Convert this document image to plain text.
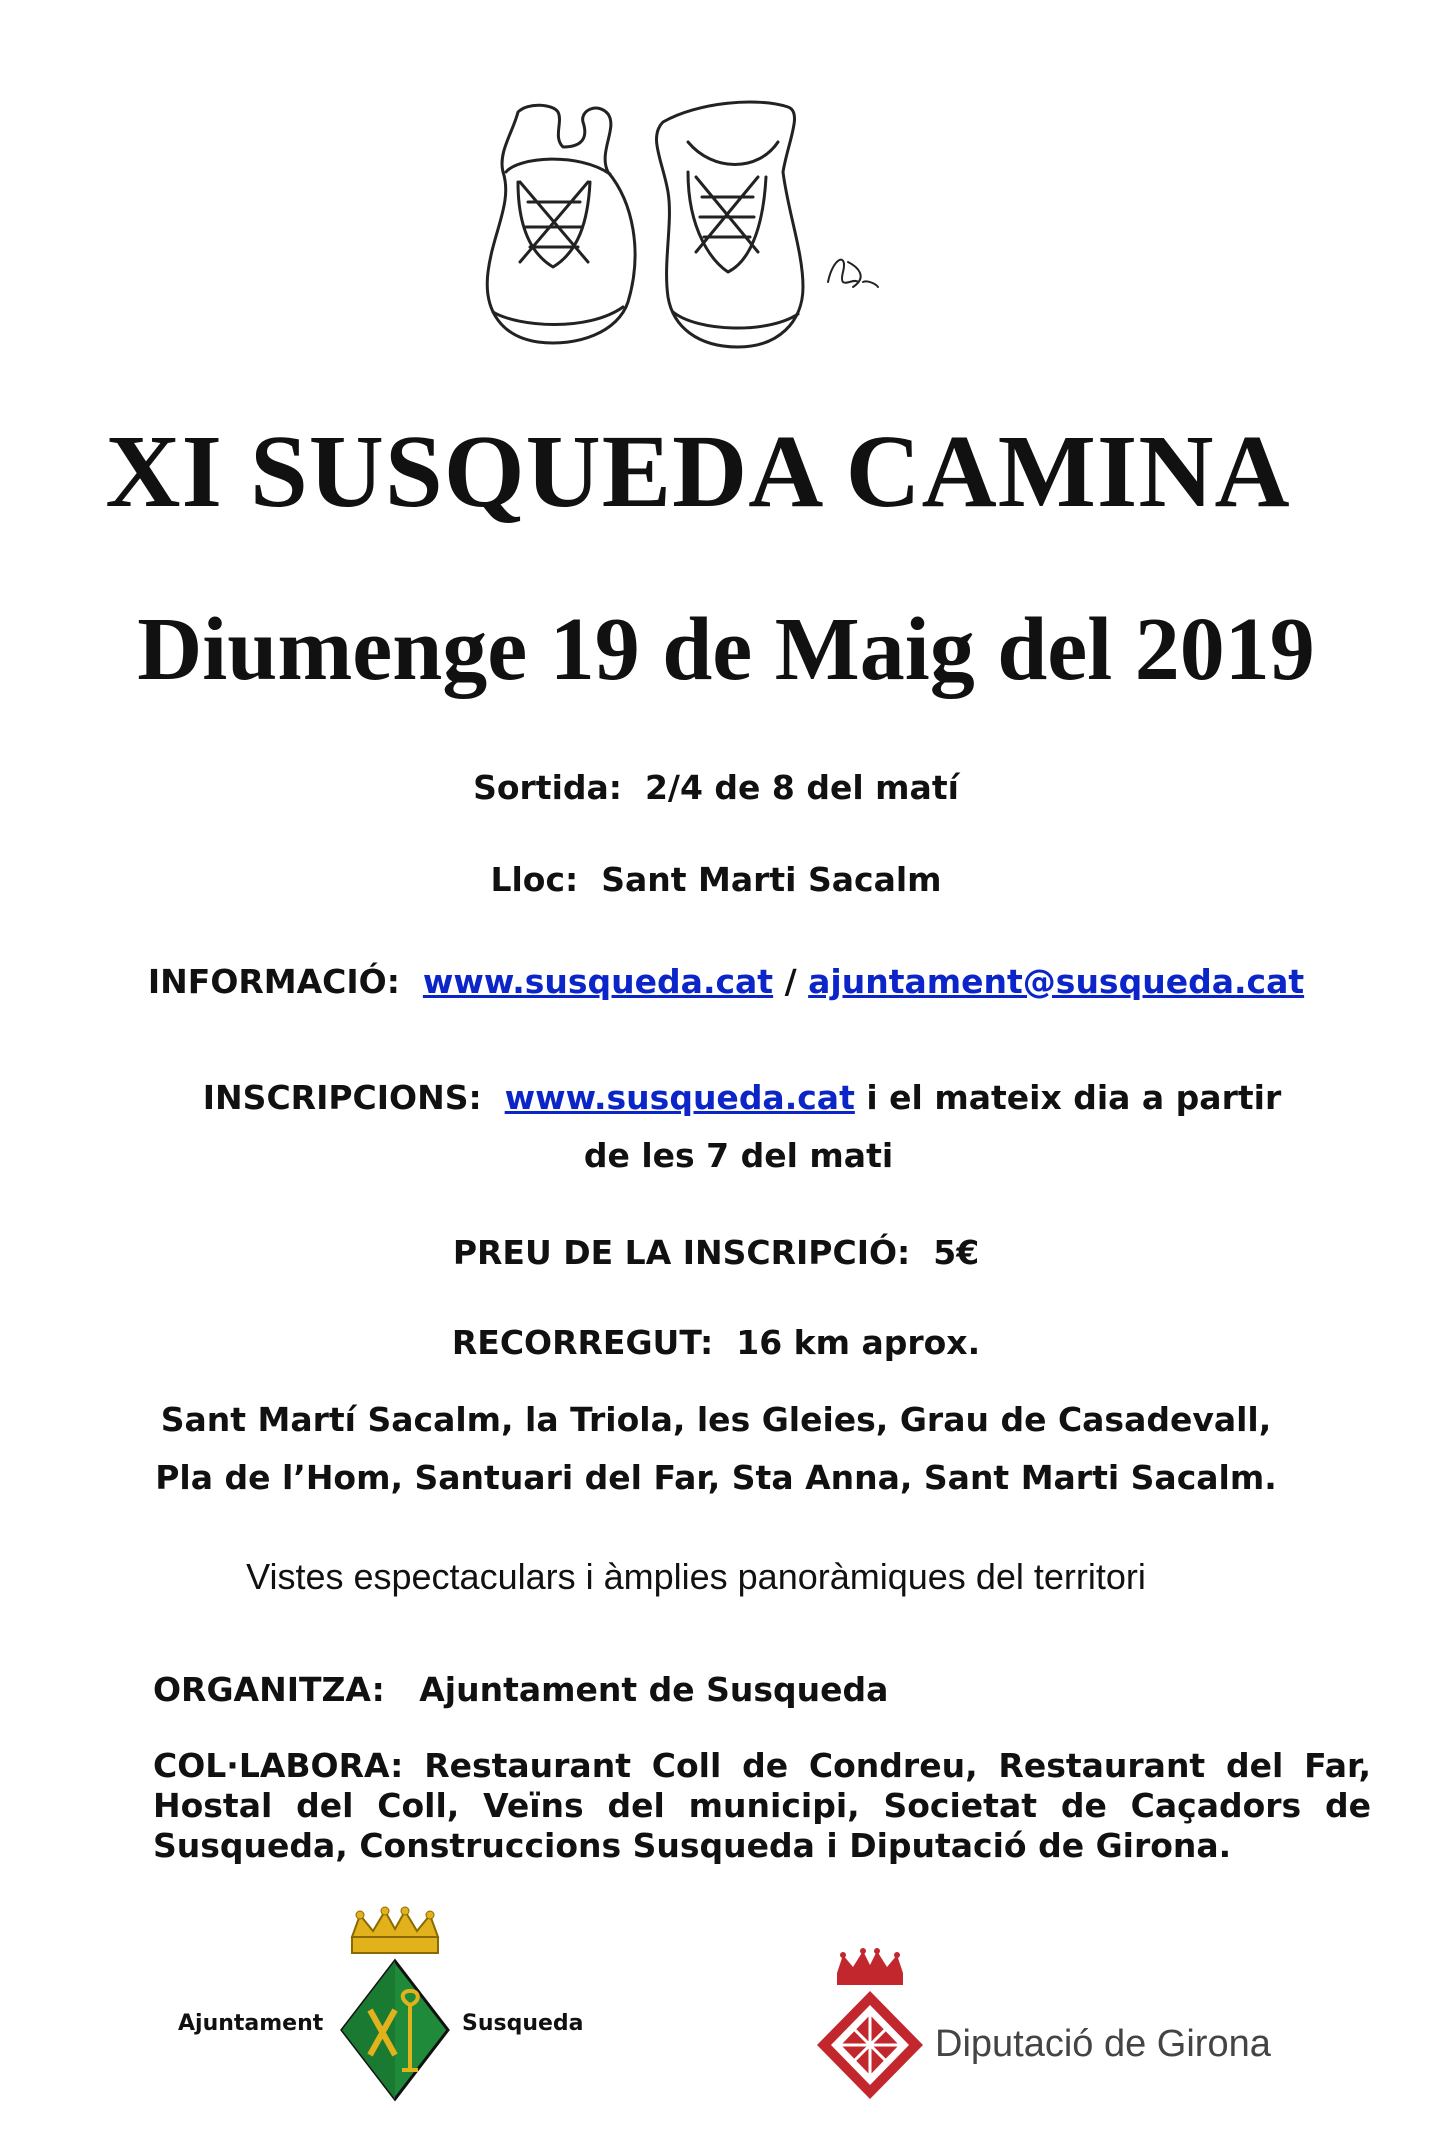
XI SUSQUEDA CAMINA
Diumenge 19 de Maig del 2019
Sortida: 2/4 de 8 del matí
Lloc: Sant Marti Sacalm
INFORMACIÓ: www.susqueda.cat / ajuntament@susqueda.cat
INSCRIPCIONS: www.susqueda.cat i el mateix dia a partir
de les 7 del mati
PREU DE LA INSCRIPCIÓ: 5€
RECORREGUT: 16 km aprox.
Sant Martí Sacalm, la Triola, les Gleies, Grau de Casadevall,
Pla de l’Hom, Santuari del Far, Sta Anna, Sant Marti Sacalm.
Vistes espectaculars i àmplies panoràmiques del territori
ORGANITZA: Ajuntament de Susqueda
COL·LABORA: Restaurant Coll de Condreu, Restaurant del Far, Hostal del Coll, Veïns del municipi, Societat de Caçadors de Susqueda, Construccions Susqueda i Diputació de Girona.
Ajuntament	Susqueda	Diputació de Girona
